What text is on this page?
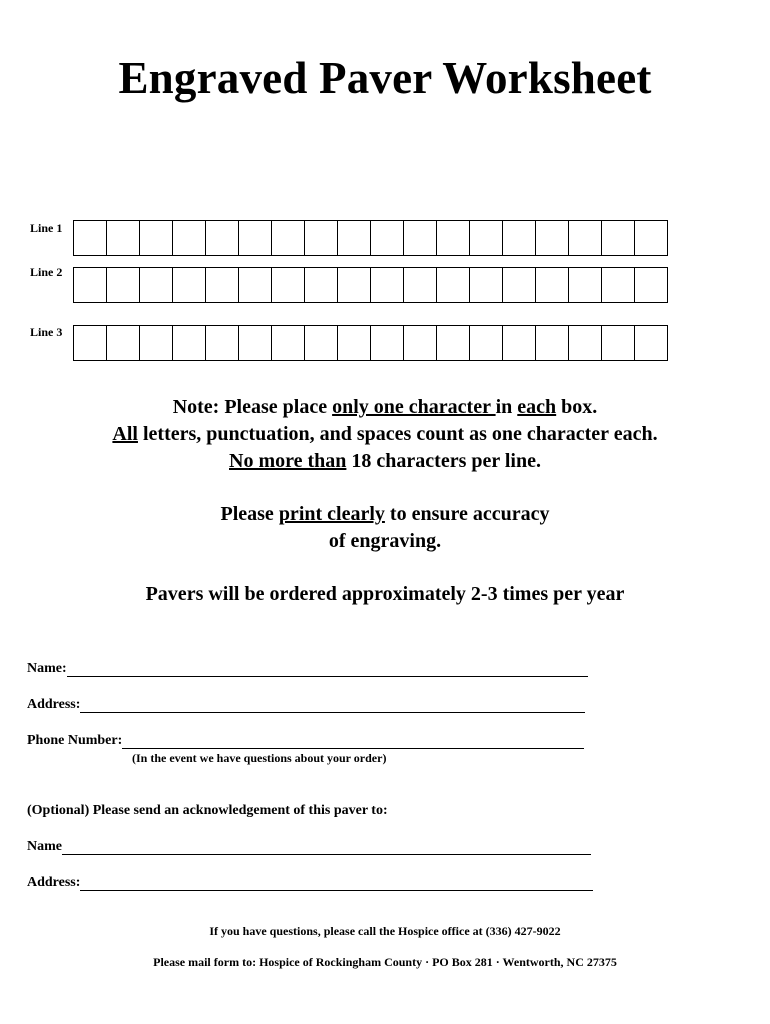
Engraved Paver Worksheet
Line 1
Line 2
Line 3
Note: Please place only one character in each box.
All letters, punctuation, and spaces count as one character each.
No more than 18 characters per line.
Please print clearly to ensure accuracy
of engraving.
Pavers will be ordered approximately 2-3 times per year
Name:
Address:
Phone Number:
(In the event we have questions about your order)
(Optional) Please send an acknowledgement of this paver to:
Name
Address:
If you have questions, please call the Hospice office at (336) 427-9022
Please mail form to: Hospice of Rockingham County · PO Box 281 · Wentworth, NC 27375
